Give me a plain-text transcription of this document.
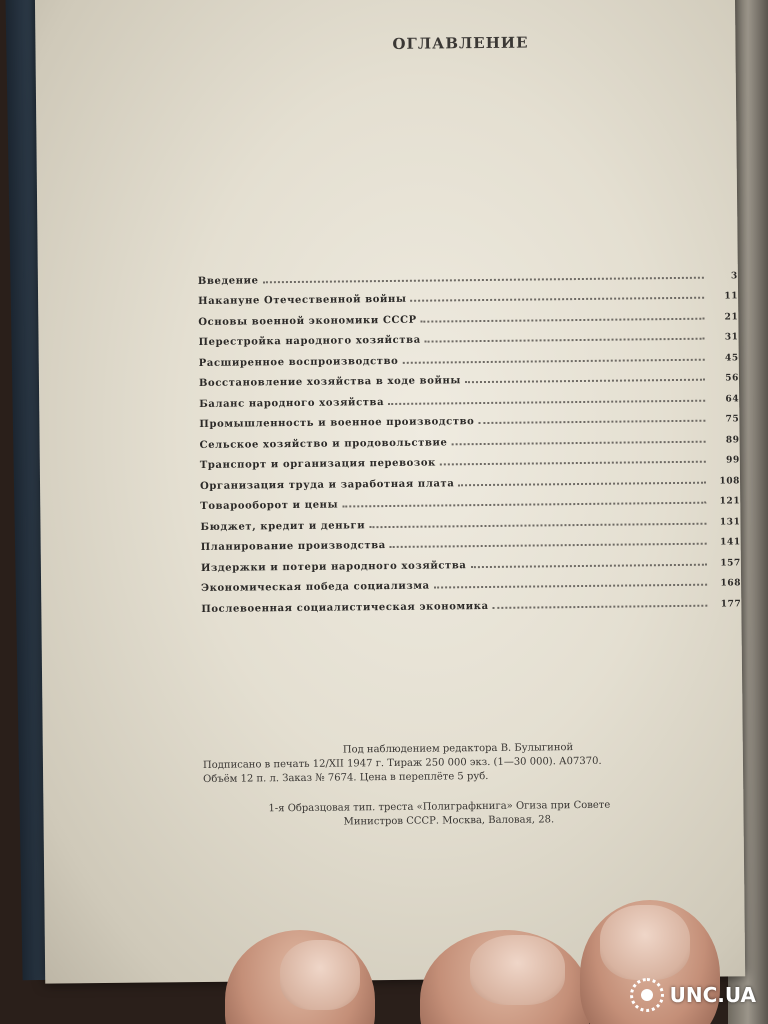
ОГЛАВЛЕНИЕ
Введение	3
Накануне Отечественной войны	11
Основы военной экономики СССР	21
Перестройка народного хозяйства	31
Расширенное воспроизводство	45
Восстановление хозяйства в ходе войны	56
Баланс народного хозяйства	64
Промышленность и военное производство	75
Сельское хозяйство и продовольствие	89
Транспорт и организация перевозок	99
Организация труда и заработная плата	108
Товарооборот и цены	121
Бюджет, кредит и деньги	131
Планирование производства	141
Издержки и потери народного хозяйства	157
Экономическая победа социализма	168
Послевоенная социалистическая экономика	177
Под наблюдением редактора В. Булыгиной
Подписано в печать 12/XII 1947 г. Тираж 250 000 экз. (1—30 000). А07370.
Объём 12 п. л. Заказ № 7674. Цена в переплёте 5 руб.
1-я Образцовая тип. треста «Полиграфкнига» Огиза при Совете
Министров СССР. Москва, Валовая, 28.
UNC.UA
